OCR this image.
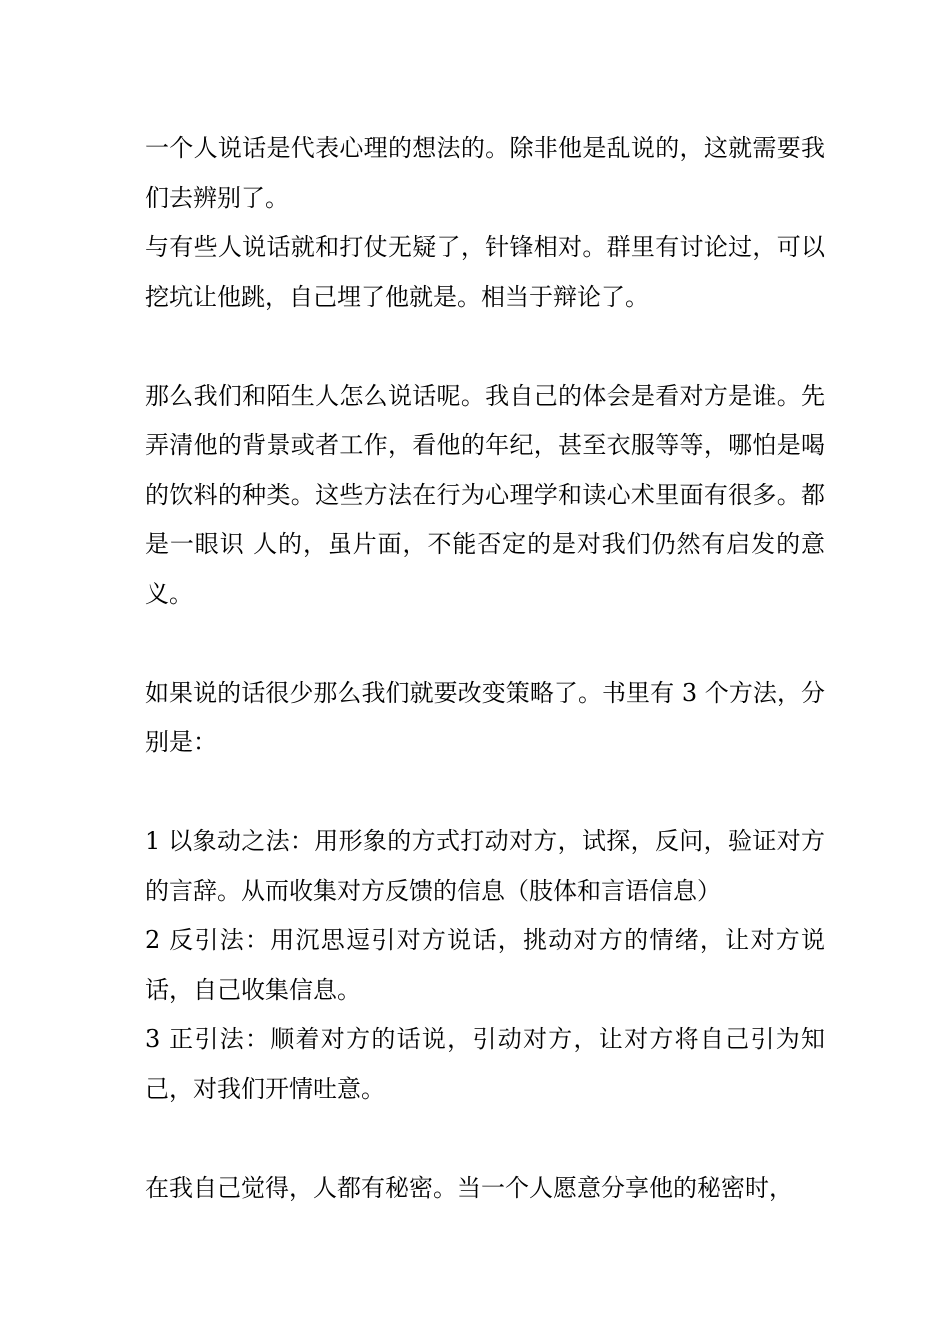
一个人说话是代表心理的想法的。除非他是乱说的，这就需要我们去辨别了。

与有些人说话就和打仗无疑了，针锋相对。群里有讨论过，可以挖坑让他跳，自己埋了他就是。相当于辩论了。

那么我们和陌生人怎么说话呢。我自己的体会是看对方是谁。先弄清他的背景或者工作，看他的年纪，甚至衣服等等，哪怕是喝的饮料的种类。这些方法在行为心理学和读心术里面有很多。都是一眼识 人的，虽片面，不能否定的是对我们仍然有启发的意义。

如果说的话很少那么我们就要改变策略了。书里有 3 个方法，分别是：

1 以象动之法：用形象的方式打动对方，试探，反问，验证对方的言辞。从而收集对方反馈的信息（肢体和言语信息）

2 反引法：用沉思逗引对方说话，挑动对方的情绪，让对方说话，自己收集信息。

3 正引法：顺着对方的话说，引动对方，让对方将自己引为知己，对我们开情吐意。

在我自己觉得，人都有秘密。当一个人愿意分享他的秘密时，
